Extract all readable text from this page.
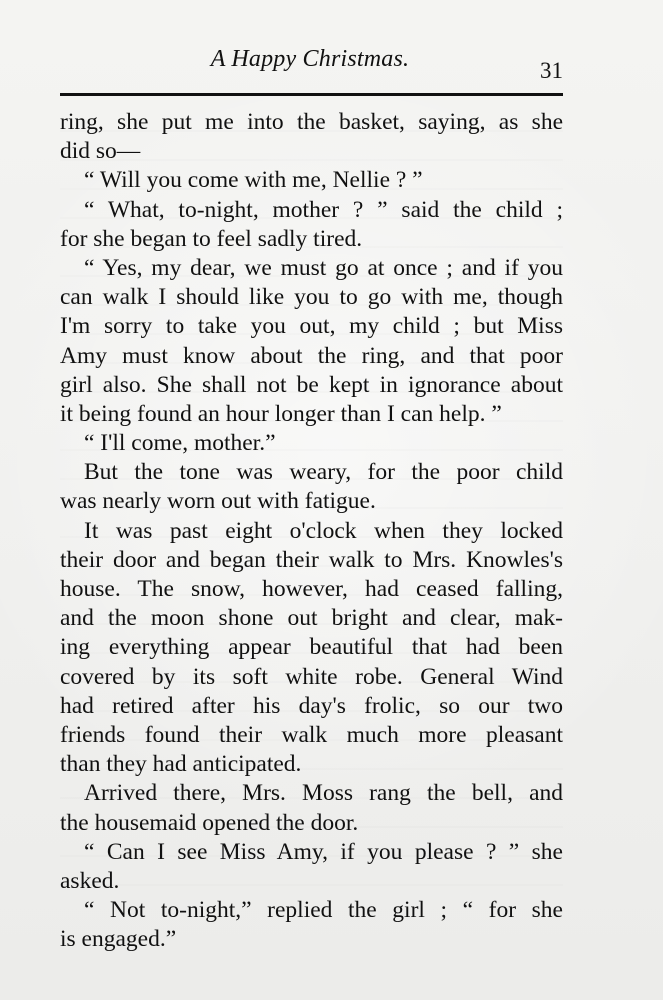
A Happy Christmas.	31
ring, she put me into the basket, saying, as she
did so—
“ Will you come with me, Nellie ? ”
“ What, to-night, mother ? ” said the child ;
for she began to feel sadly tired.
“ Yes, my dear, we must go at once ; and if you
can walk I should like you to go with me, though
I'm sorry to take you out, my child ; but Miss
Amy must know about the ring, and that poor
girl also. She shall not be kept in ignorance about
it being found an hour longer than I can help. ”
“ I'll come, mother.”
But the tone was weary, for the poor child
was nearly worn out with fatigue.
It was past eight o'clock when they locked
their door and began their walk to Mrs. Knowles's
house. The snow, however, had ceased falling,
and the moon shone out bright and clear, mak-
ing everything appear beautiful that had been
covered by its soft white robe. General Wind
had retired after his day's frolic, so our two
friends found their walk much more pleasant
than they had anticipated.
Arrived there, Mrs. Moss rang the bell, and
the housemaid opened the door.
“ Can I see Miss Amy, if you please ? ” she
asked.
“ Not to-night,” replied the girl ; “ for she
is engaged.”
